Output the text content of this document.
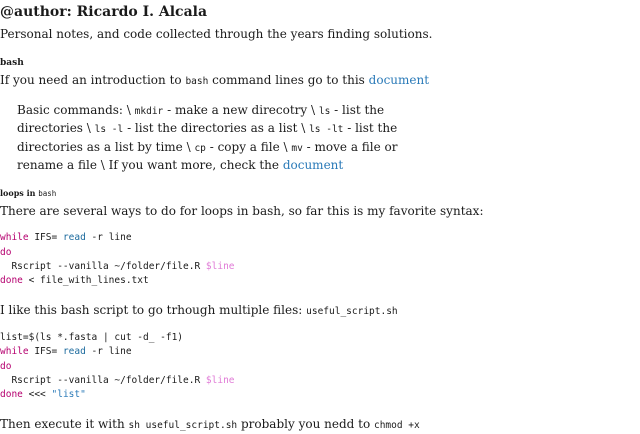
@author: Ricardo I. Alcala

Personal notes, and code collected through the years finding solutions.

bash

If you need an introduction to bash command lines go to this document

Basic commands: \ mkdir - make a new direcotry \ ls - list the directories \ ls -l - list the directories as a list \ ls -lt - list the directories as a list by time \ cp - copy a file \ mv - move a file or rename a file \ If you want more, check the document
loops in bash

There are several ways to do for loops in bash, so far this is my favorite syntax:

while IFS= read -r line
do
Rscript --vanilla ~/folder/file.R $line
done < file_with_lines.txt

I like this bash script to go trhough multiple files: useful_script.sh

list=$(ls *.fasta | cut -d_ -f1)
while IFS= read -r line
do
Rscript --vanilla ~/folder/file.R $line
done <<< "list"

Then execute it with sh useful_script.sh probably you nedd to chmod +x
